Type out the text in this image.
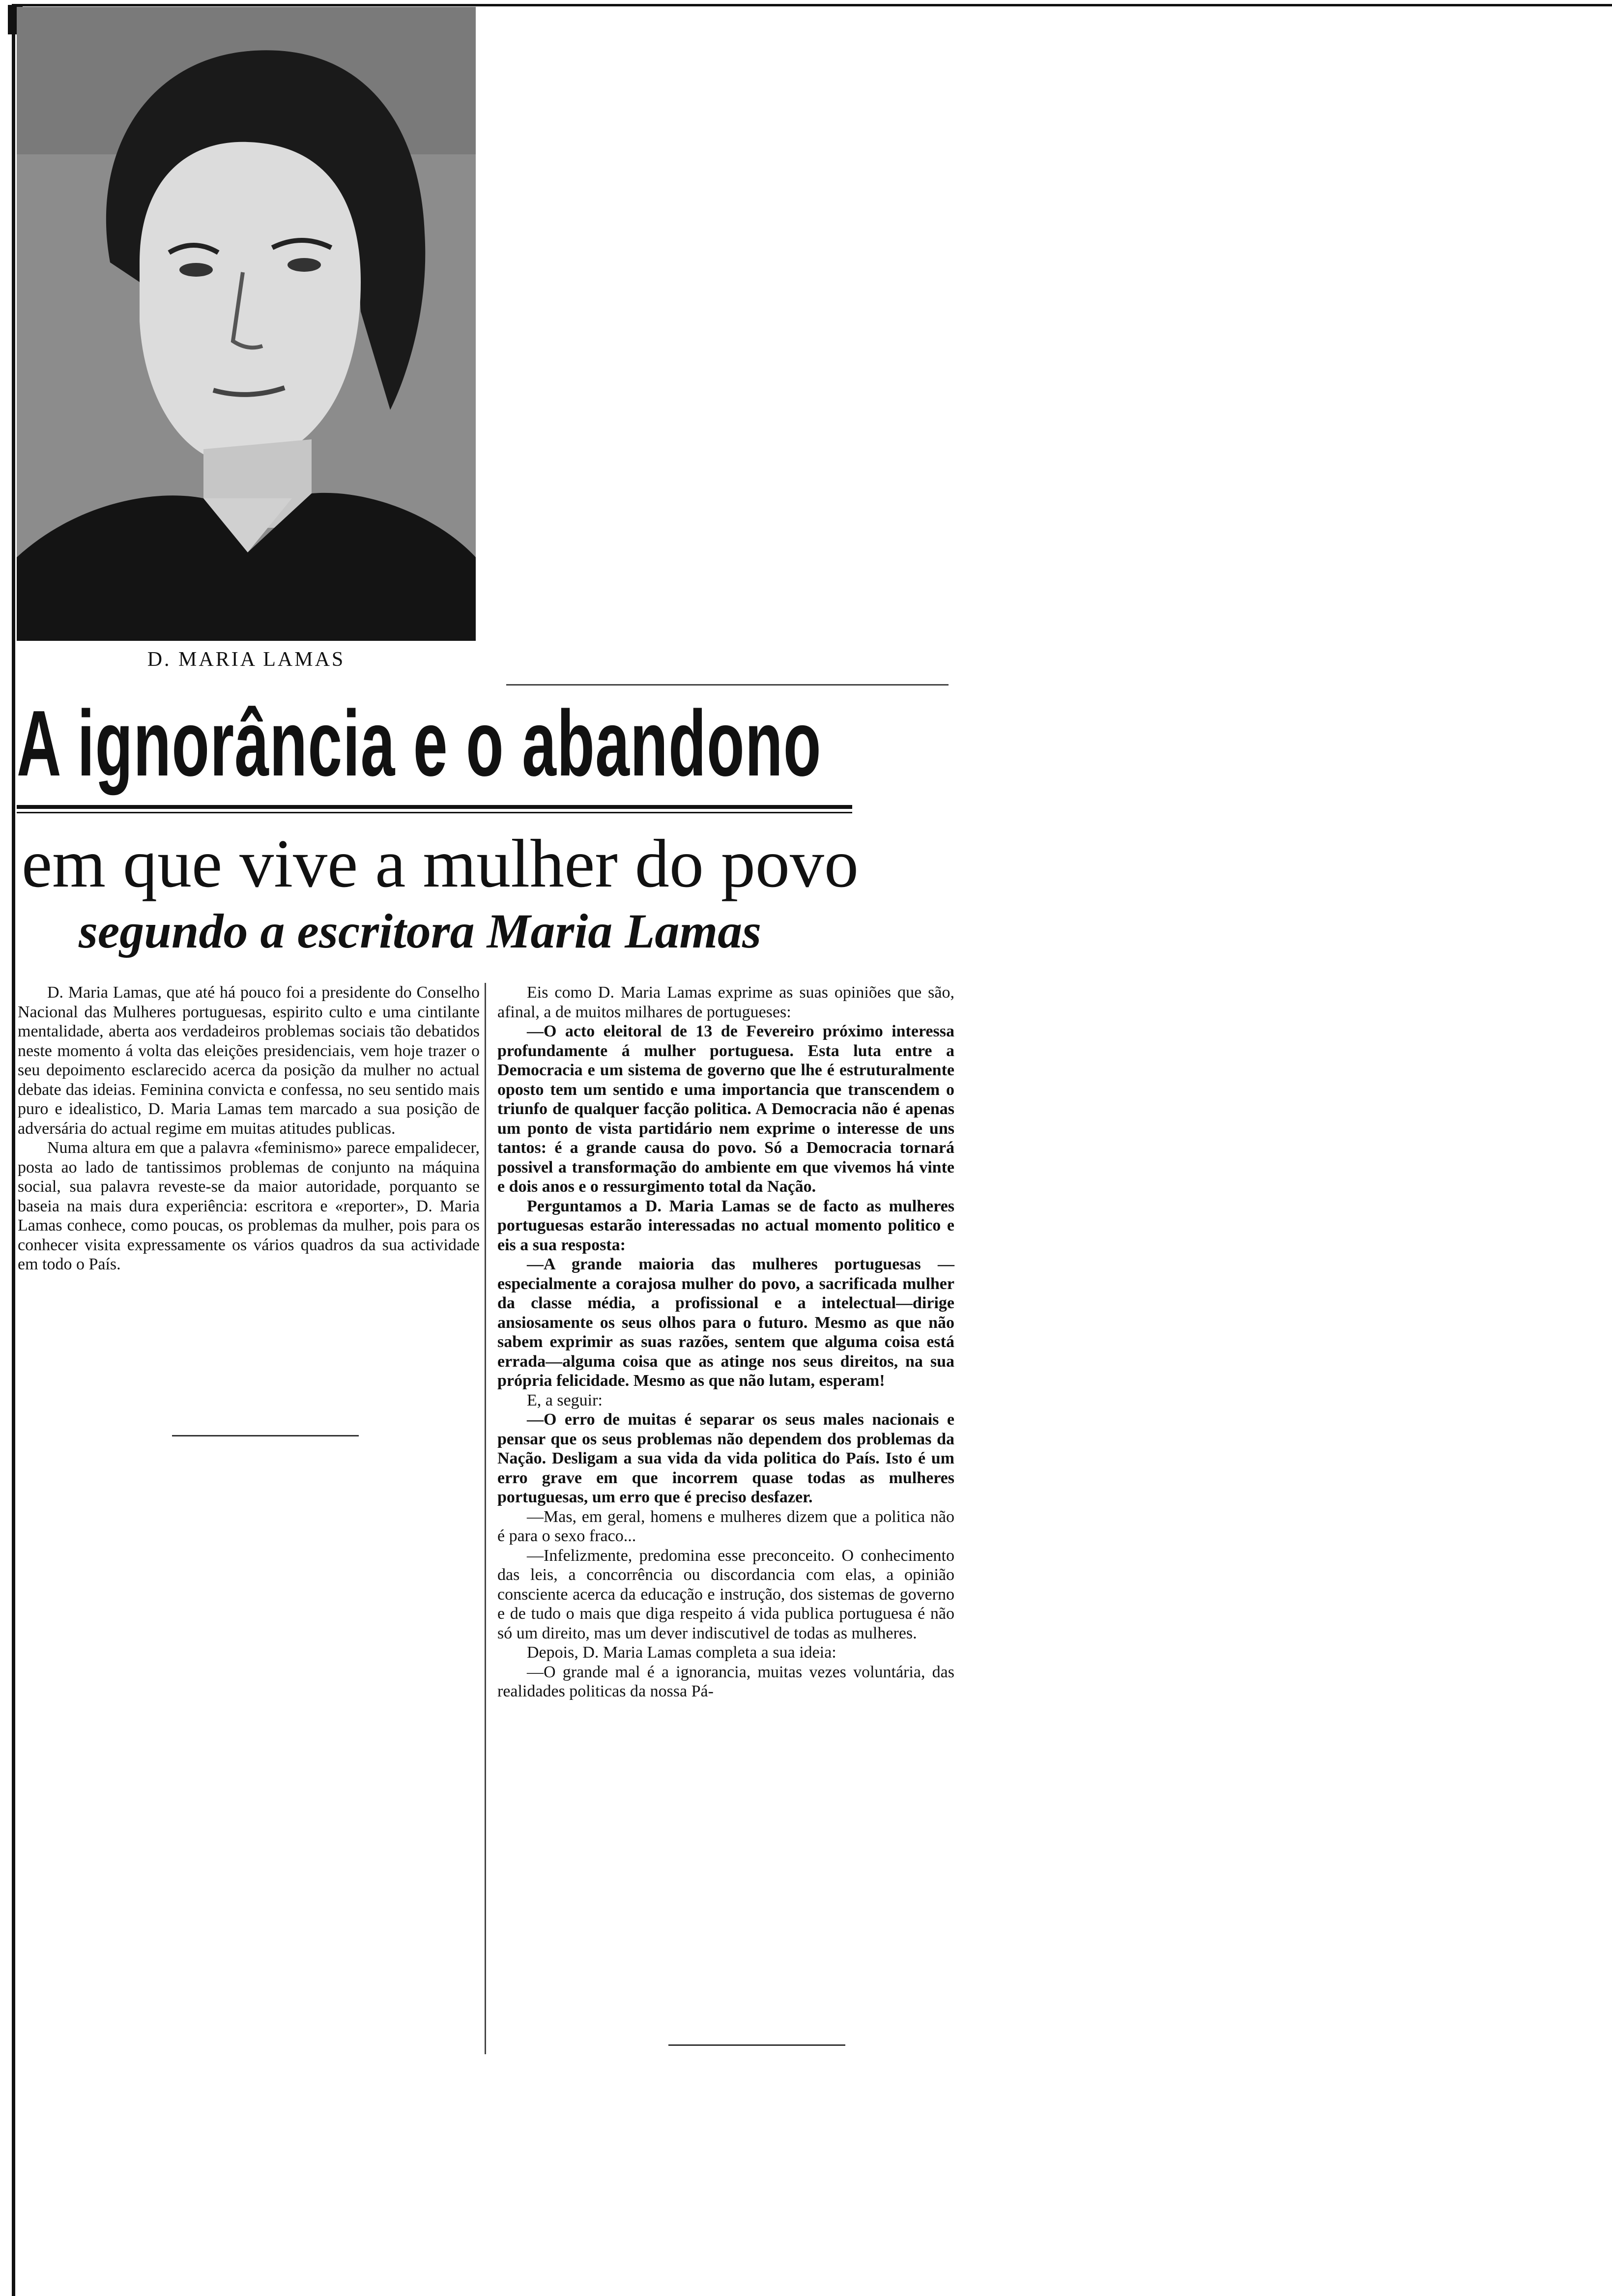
D. MARIA LAMAS
A ignorância e o abandono
em que vive a mulher do povo
segundo a escritora Maria Lamas

D. Maria Lamas, que até há pouco foi a presidente do Conselho Nacional das Mulheres portuguesas, espirito culto e uma cintilante mentalidade, aberta aos verdadeiros problemas sociais tão debatidos neste momento á volta das eleições presidenciais, vem hoje trazer o seu depoimento esclarecido acerca da posição da mulher no actual debate das ideias. Feminina convicta e confessa, no seu sentido mais puro e idealistico, D. Maria Lamas tem marcado a sua posição de adversária do actual regime em muitas atitudes publicas.

Numa altura em que a palavra «feminismo» parece empalidecer, posta ao lado de tantissimos problemas de conjunto na máquina social, sua palavra reveste-se da maior autoridade, porquanto se baseia na mais dura experiência: escritora e «reporter», D. Maria Lamas conhece, como poucas, os problemas da mulher, pois para os conhecer visita expressamente os vários quadros da sua actividade em todo o País.

Eis como D. Maria Lamas exprime as suas opiniões que são, afinal, a de muitos milhares de portugueses:

—O acto eleitoral de 13 de Fevereiro próximo interessa profundamente á mulher portuguesa. Esta luta entre a Democracia e um sistema de governo que lhe é estruturalmente oposto tem um sentido e uma importancia que transcendem o triunfo de qualquer facção politica. A Democracia não é apenas um ponto de vista partidário nem exprime o interesse de uns tantos: é a grande causa do povo. Só a Democracia tornará possivel a transformação do ambiente em que vivemos há vinte e dois anos e o ressurgimento total da Nação.

Perguntamos a D. Maria Lamas se de facto as mulheres portuguesas estarão interessadas no actual momento politico e eis a sua resposta:

—A grande maioria das mulheres portuguesas —especialmente a corajosa mulher do povo, a sacrificada mulher da classe média, a profissional e a intelectual—dirige ansiosamente os seus olhos para o futuro. Mesmo as que não sabem exprimir as suas razões, sentem que alguma coisa está errada—alguma coisa que as atinge nos seus direitos, na sua própria felicidade. Mesmo as que não lutam, esperam!

E, a seguir:

—O erro de muitas é separar os seus males nacionais e pensar que os seus problemas não dependem dos problemas da Nação. Desligam a sua vida da vida politica do País. Isto é um erro grave em que incorrem quase todas as mulheres portuguesas, um erro que é preciso desfazer.

—Mas, em geral, homens e mulheres dizem que a politica não é para o sexo fraco...

—Infelizmente, predomina esse preconceito. O conhecimento das leis, a concorrência ou discordancia com elas, a opinião consciente acerca da educação e instrução, dos sistemas de governo e de tudo o mais que diga respeito á vida publica portuguesa é não só um direito, mas um dever indiscutivel de todas as mulheres.

Depois, D. Maria Lamas completa a sua ideia:

—O grande mal é a ignorancia, muitas vezes voluntária, das realidades politicas da nossa Pá-
